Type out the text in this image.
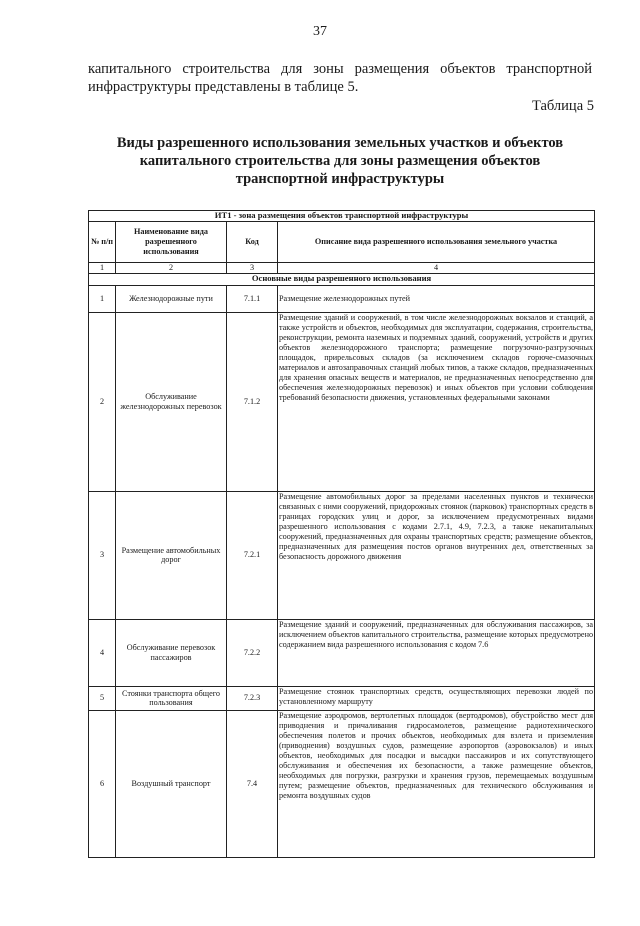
37
капитального строительства для зоны размещения объектов транспортной инфраструктуры представлены в таблице 5.
Таблица 5
Виды разрешенного использования земельных участков и объектов капитального строительства для зоны размещения объектов транспортной инфраструктуры
ИТ1 - зона размещения объектов транспортной инфраструктуры			
№ п/п	Наименование вида разрешенного использования	Код	Описание вида разрешенного использования земельного участка
1	2	3	4
Основные виды разрешенного использования			
1	Железнодорожные пути	7.1.1	Размещение железнодорожных путей
2	Обслуживание железнодорожных перевозок	7.1.2	Размещение зданий и сооружений, в том числе железнодорожных вокзалов и станций, а также устройств и объектов, необходимых для эксплуатации, содержания, строительства, реконструкции, ремонта наземных и подземных зданий, сооружений, устройств и других объектов железнодорожного транспорта; размещение погрузочно-разгрузочных площадок, прирельсовых складов (за исключением складов горюче-смазочных материалов и автозаправочных станций любых типов, а также складов, предназначенных для хранения опасных веществ и материалов, не предназначенных непосредственно для обеспечения железнодорожных перевозок) и иных объектов при условии соблюдения требований безопасности движения, установленных федеральными законами
3	Размещение автомобильных дорог	7.2.1	Размещение автомобильных дорог за пределами населенных пунктов и технически связанных с ними сооружений, придорожных стоянок (парковок) транспортных средств в границах городских улиц и дорог, за исключением предусмотренных видами разрешенного использования с кодами 2.7.1, 4.9, 7.2.3, а также некапитальных сооружений, предназначенных для охраны транспортных средств; размещение объектов, предназначенных для размещения постов органов внутренних дел, ответственных за безопасность дорожного движения
4	Обслуживание перевозок пассажиров	7.2.2	Размещение зданий и сооружений, предназначенных для обслуживания пассажиров, за исключением объектов капитального строительства, размещение которых предусмотрено содержанием вида разрешенного использования с кодом 7.6
5	Стоянки транспорта общего пользования	7.2.3	Размещение стоянок транспортных средств, осуществляющих перевозки людей по установленному маршруту
6	Воздушный транспорт	7.4	Размещение аэродромов, вертолетных площадок (вертодромов), обустройство мест для приводнения и причаливания гидросамолетов, размещение радиотехнического обеспечения полетов и прочих объектов, необходимых для взлета и приземления (приводнения) воздушных судов, размещение аэропортов (аэровокзалов) и иных объектов, необходимых для посадки и высадки пассажиров и их сопутствующего обслуживания и обеспечения их безопасности, а также размещение объектов, необходимых для погрузки, разгрузки и хранения грузов, перемещаемых воздушным путем; размещение объектов, предназначенных для технического обслуживания и ремонта воздушных судов
